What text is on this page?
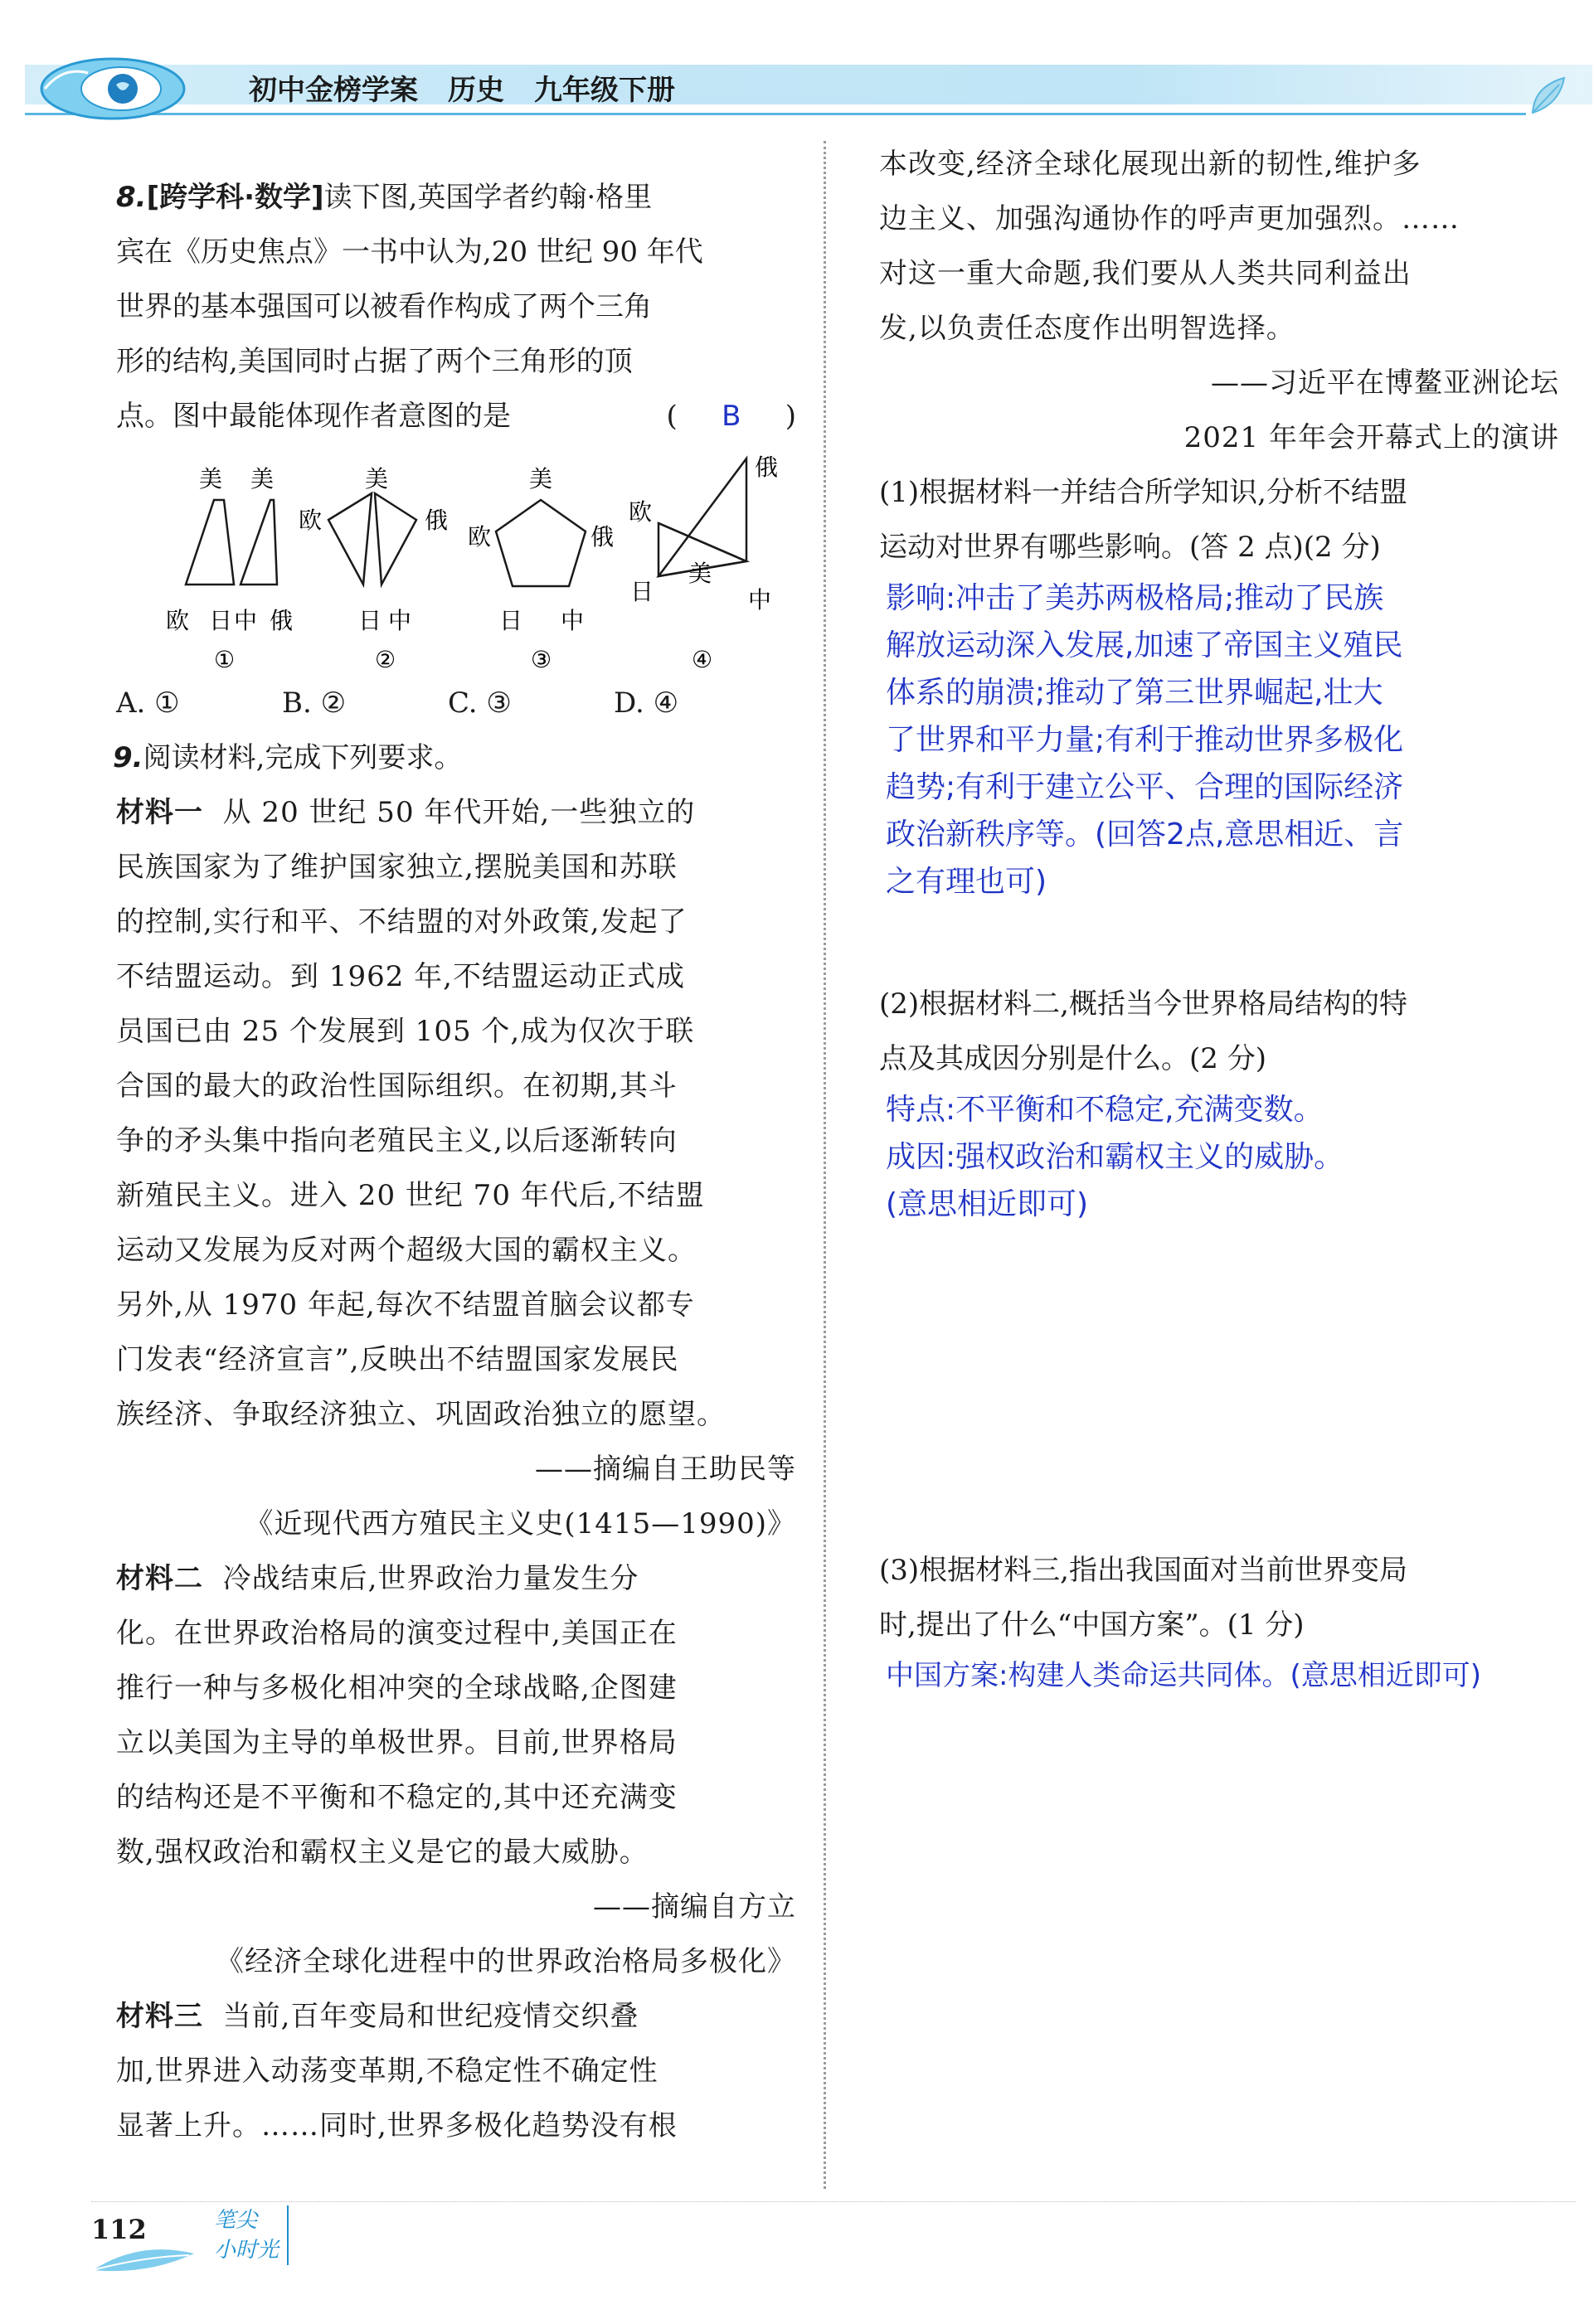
初中金榜学案 历史 九年级下册

8.[跨学科·数学]读下图,英国学者约翰·格里

宾在《历史焦点》一书中认为,20 世纪 90 年代

世界的基本强国可以被看作构成了两个三角

形的结构,美国同时占据了两个三角形的顶

点。图中最能体现作者意图的是	( B )

美 美
欧 日 中 俄
①
美
欧	俄
日 中
②
美
欧	俄
日 中
③
欧
俄
美
日	中
④
A. ①	B. ②	C. ③	D. ④

9.阅读材料,完成下列要求。

材料一 从 20 世纪 50 年代开始,一些独立的

民族国家为了维护国家独立,摆脱美国和苏联

的控制,实行和平、不结盟的对外政策,发起了

不结盟运动。到 1962 年,不结盟运动正式成

员国已由 25 个发展到 105 个,成为仅次于联

合国的最大的政治性国际组织。在初期,其斗

争的矛头集中指向老殖民主义,以后逐渐转向

新殖民主义。进入 20 世纪 70 年代后,不结盟

运动又发展为反对两个超级大国的霸权主义。

另外,从 1970 年起,每次不结盟首脑会议都专

门发表“经济宣言”,反映出不结盟国家发展民

族经济、争取经济独立、巩固政治独立的愿望。

——摘编自王助民等

《近现代西方殖民主义史(1415—1990)》

材料二 冷战结束后,世界政治力量发生分

化。在世界政治格局的演变过程中,美国正在

推行一种与多极化相冲突的全球战略,企图建

立以美国为主导的单极世界。目前,世界格局

的结构还是不平衡和不稳定的,其中还充满变

数,强权政治和霸权主义是它的最大威胁。

——摘编自方立

《经济全球化进程中的世界政治格局多极化》

材料三 当前,百年变局和世纪疫情交织叠

加,世界进入动荡变革期,不稳定性不确定性

显著上升。……同时,世界多极化趋势没有根

本改变,经济全球化展现出新的韧性,维护多

边主义、加强沟通协作的呼声更加强烈。……

对这一重大命题,我们要从人类共同利益出

发,以负责任态度作出明智选择。

——习近平在博鳌亚洲论坛

2021 年年会开幕式上的演讲

(1)根据材料一并结合所学知识,分析不结盟

运动对世界有哪些影响。(答 2 点)(2 分)

影响:冲击了美苏两极格局;推动了民族

解放运动深入发展,加速了帝国主义殖民

体系的崩溃;推动了第三世界崛起,壮大

了世界和平力量;有利于推动世界多极化

趋势;有利于建立公平、合理的国际经济

政治新秩序等。(回答2点,意思相近、言

之有理也可)

(2)根据材料二,概括当今世界格局结构的特

点及其成因分别是什么。(2 分)

特点:不平衡和不稳定,充满变数。

成因:强权政治和霸权主义的威胁。

(意思相近即可)

(3)根据材料三,指出我国面对当前世界变局

时,提出了什么“中国方案”。(1 分)

中国方案:构建人类命运共同体。(意思相近即可)

112	笔尖
小时光
